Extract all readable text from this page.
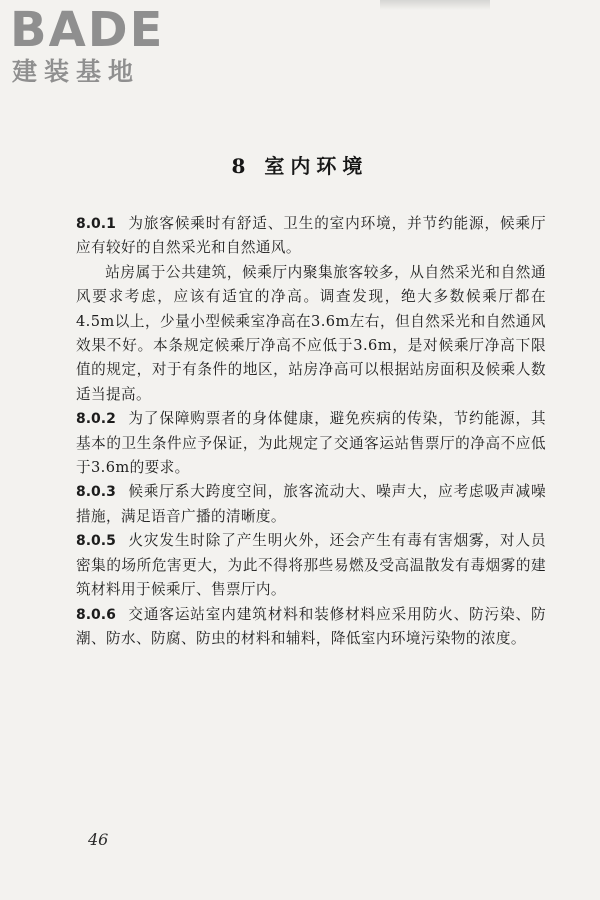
BADE
建装基地
8 室内环境

8.0.1 为旅客候乘时有舒适、卫生的室内环境，并节约能源，候乘厅应有较好的自然采光和自然通风。

站房属于公共建筑，候乘厅内聚集旅客较多，从自然采光和自然通风要求考虑，应该有适宜的净高。调查发现，绝大多数候乘厅都在4.5m以上，少量小型候乘室净高在3.6m左右，但自然采光和自然通风效果不好。本条规定候乘厅净高不应低于3.6m，是对候乘厅净高下限值的规定，对于有条件的地区，站房净高可以根据站房面积及候乘人数适当提高。

8.0.2 为了保障购票者的身体健康，避免疾病的传染，节约能源，其基本的卫生条件应予保证，为此规定了交通客运站售票厅的净高不应低于3.6m的要求。

8.0.3 候乘厅系大跨度空间，旅客流动大、噪声大，应考虑吸声减噪措施，满足语音广播的清晰度。

8.0.5 火灾发生时除了产生明火外，还会产生有毒有害烟雾，对人员密集的场所危害更大，为此不得将那些易燃及受高温散发有毒烟雾的建筑材料用于候乘厅、售票厅内。

8.0.6 交通客运站室内建筑材料和装修材料应采用防火、防污染、防潮、防水、防腐、防虫的材料和辅料，降低室内环境污染物的浓度。

46
